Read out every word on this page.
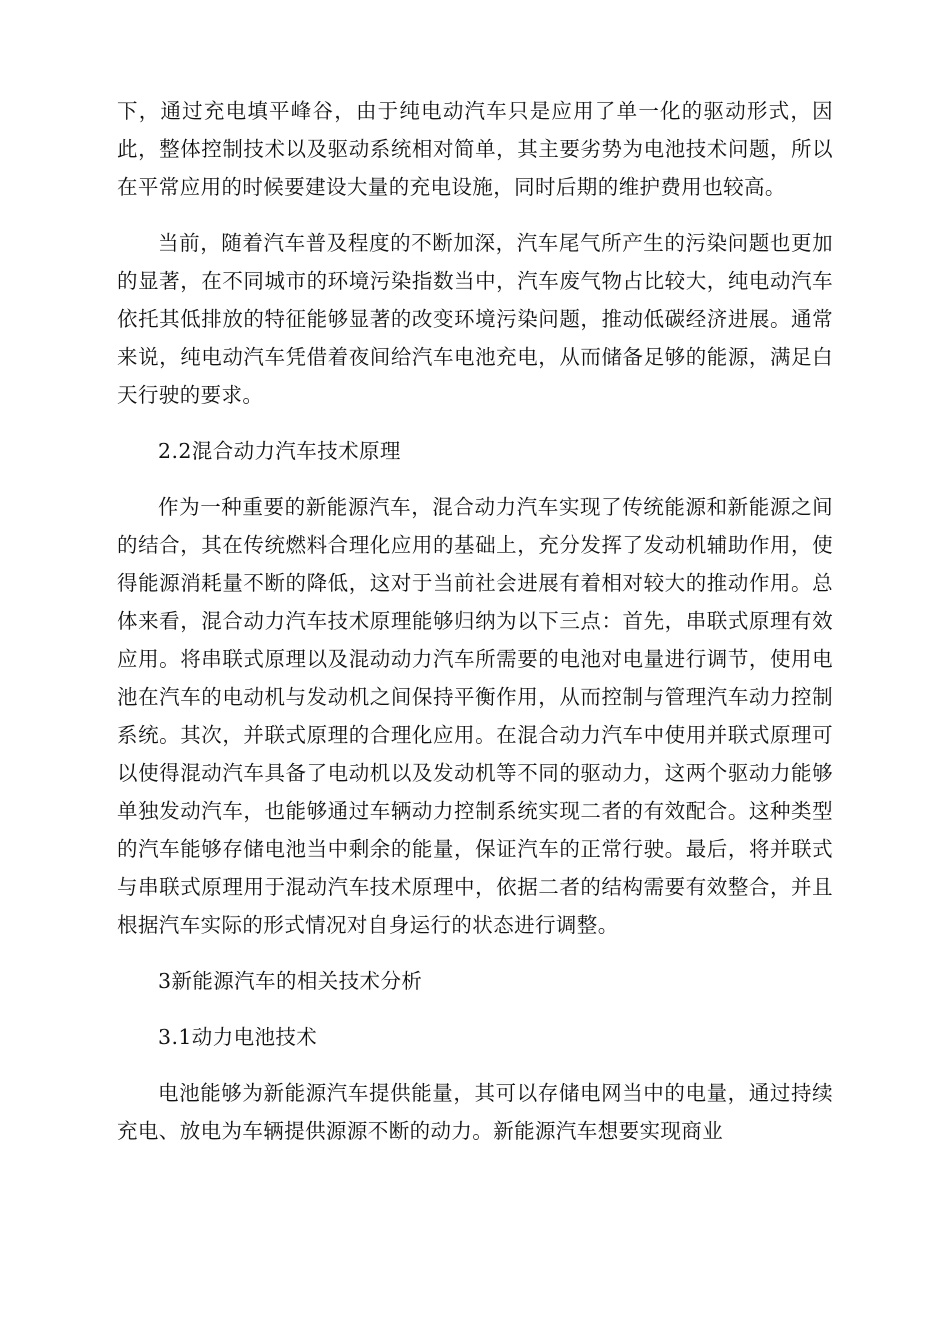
下，通过充电填平峰谷，由于纯电动汽车只是应用了单一化的驱动形式，因此，整体控制技术以及驱动系统相对简单，其主要劣势为电池技术问题，所以在平常应用的时候要建设大量的充电设施，同时后期的维护费用也较高。

当前，随着汽车普及程度的不断加深，汽车尾气所产生的污染问题也更加的显著，在不同城市的环境污染指数当中，汽车废气物占比较大，纯电动汽车依托其低排放的特征能够显著的改变环境污染问题，推动低碳经济进展。通常来说，纯电动汽车凭借着夜间给汽车电池充电，从而储备足够的能源，满足白天行驶的要求。

2.2混合动力汽车技术原理

作为一种重要的新能源汽车，混合动力汽车实现了传统能源和新能源之间的结合，其在传统燃料合理化应用的基础上，充分发挥了发动机辅助作用，使得能源消耗量不断的降低，这对于当前社会进展有着相对较大的推动作用。总体来看，混合动力汽车技术原理能够归纳为以下三点：首先，串联式原理有效应用。将串联式原理以及混动动力汽车所需要的电池对电量进行调节，使用电池在汽车的电动机与发动机之间保持平衡作用，从而控制与管理汽车动力控制系统。其次，并联式原理的合理化应用。在混合动力汽车中使用并联式原理可以使得混动汽车具备了电动机以及发动机等不同的驱动力，这两个驱动力能够单独发动汽车，也能够通过车辆动力控制系统实现二者的有效配合。这种类型的汽车能够存储电池当中剩余的能量，保证汽车的正常行驶。最后，将并联式与串联式原理用于混动汽车技术原理中，依据二者的结构需要有效整合，并且根据汽车实际的形式情况对自身运行的状态进行调整。

3新能源汽车的相关技术分析

3.1动力电池技术

电池能够为新能源汽车提供能量，其可以存储电网当中的电量，通过持续充电、放电为车辆提供源源不断的动力。新能源汽车想要实现商业
